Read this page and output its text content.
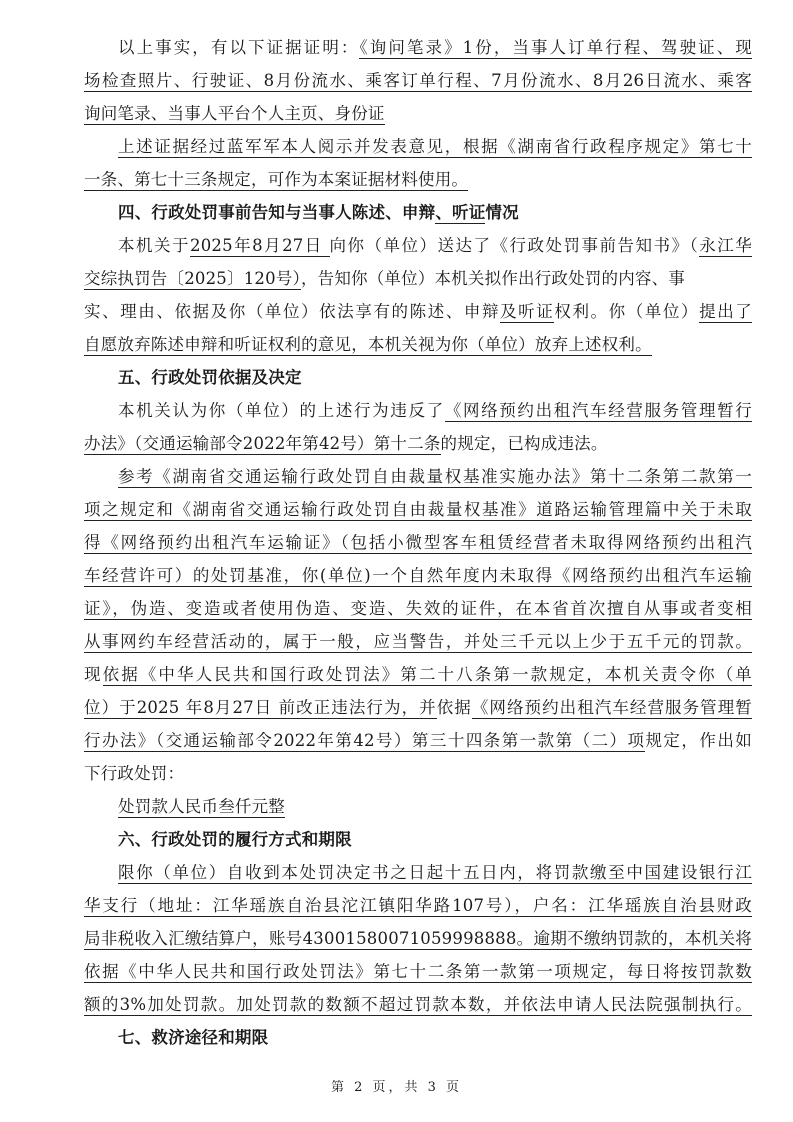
以上事实，有以下证据证明：《询问笔录》1份，当事人订单行程、驾驶证、现
场检查照片、行驶证、8月份流水、乘客订单行程、7月份流水、8月26日流水、乘客
询问笔录、当事人平台个人主页、身份证
上述证据经过蓝军军本人阅示并发表意见，根据《湖南省行政程序规定》第七十
一条、第七十三条规定，可作为本案证据材料使用。
四、行政处罚事前告知与当事人陈述、申辩、听证情况
本机关于2025年8月27日 向你（单位）送达了《行政处罚事前告知书》（永江华
交综执罚告〔2025〕120号），告知你（单位）本机关拟作出行政处罚的内容、事
实、理由、依据及你（单位）依法享有的陈述、申辩及听证权利。你（单位）提出了
自愿放弃陈述申辩和听证权利的意见，本机关视为你（单位）放弃上述权利。
五、行政处罚依据及决定
本机关认为你（单位）的上述行为违反了《网络预约出租汽车经营服务管理暂行
办法》（交通运输部令2022年第42号）第十二条的规定，已构成违法。
参考《湖南省交通运输行政处罚自由裁量权基准实施办法》第十二条第二款第一
项之规定和《湖南省交通运输行政处罚自由裁量权基准》道路运输管理篇中关于未取
得《网络预约出租汽车运输证》（包括小微型客车租赁经营者未取得网络预约出租汽
车经营许可）的处罚基准，你(单位)一个自然年度内未取得《网络预约出租汽车运输
证》，伪造、变造或者使用伪造、变造、失效的证件，在本省首次擅自从事或者变相
从事网约车经营活动的，属于一般，应当警告，并处三千元以上少于五千元的罚款。
现依据《中华人民共和国行政处罚法》第二十八条第一款规定，本机关责令你（单
位）于2025 年8月27日 前改正违法行为，并依据《网络预约出租汽车经营服务管理暂
行办法》（交通运输部令2022年第42号）第三十四条第一款第（二）项规定，作出如
下行政处罚：
处罚款人民币叁仟元整
六、行政处罚的履行方式和期限
限你（单位）自收到本处罚决定书之日起十五日内，将罚款缴至中国建设银行江
华支行（地址：江华瑶族自治县沱江镇阳华路107号），户名：江华瑶族自治县财政
局非税收入汇缴结算户，账号43001580071059998888。逾期不缴纳罚款的，本机关将
依据《中华人民共和国行政处罚法》第七十二条第一款第一项规定，每日将按罚款数
额的3%加处罚款。加处罚款的数额不超过罚款本数，并依法申请人民法院强制执行。
七、救济途径和期限
第 2 页，共 3 页
